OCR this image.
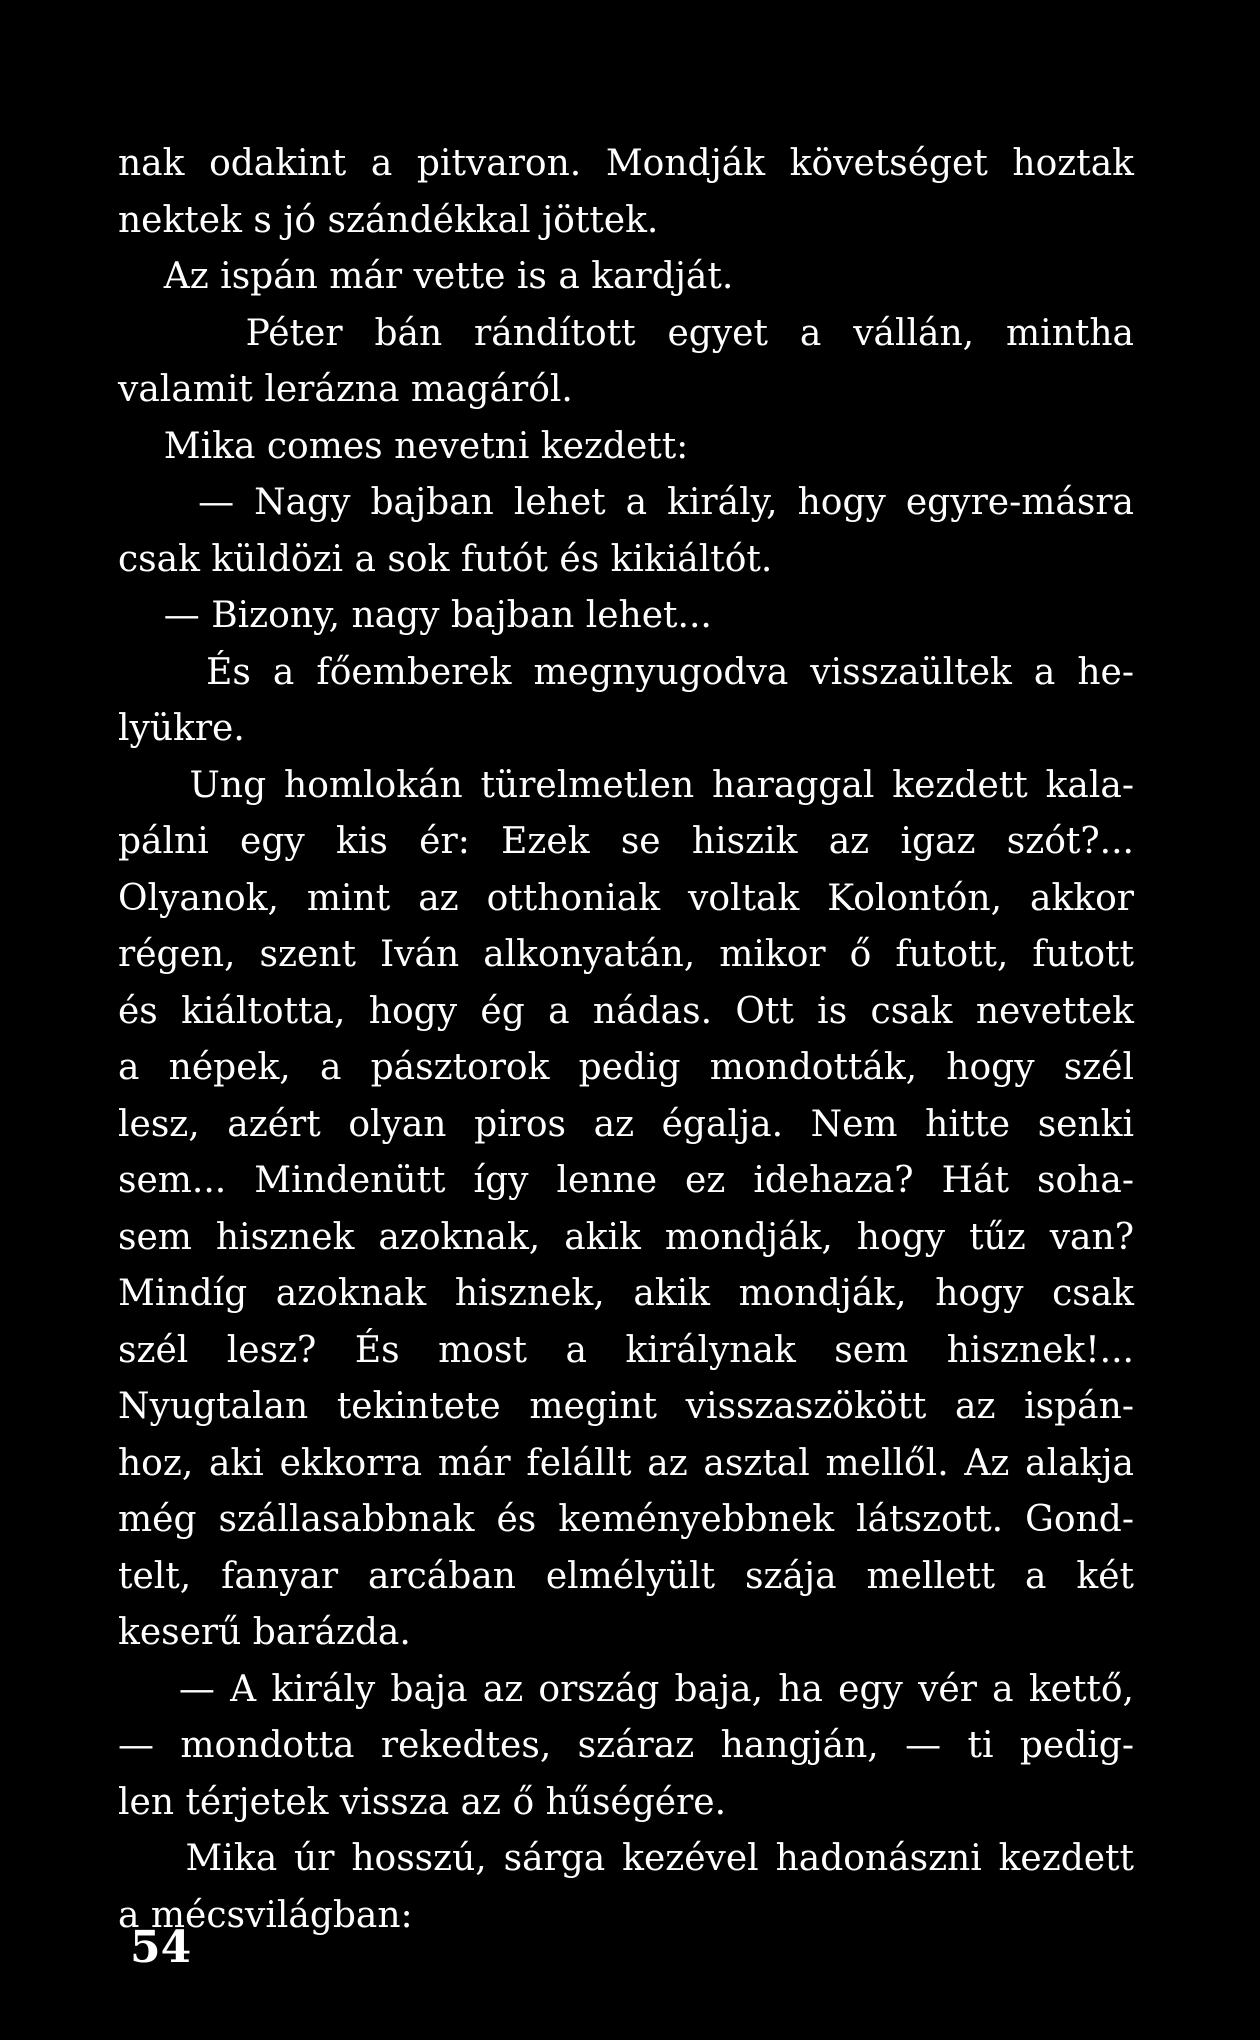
nak odakint a pitvaron. Mondják követséget hoztak
nektek s jó szándékkal jöttek.
Az ispán már vette is a kardját.
Péter bán rándított egyet a vállán, mintha
valamit lerázna magáról.
Mika comes nevetni kezdett:
— Nagy bajban lehet a király, hogy egyre-másra
csak küldözi a sok futót és kikiáltót.
— Bizony, nagy bajban lehet...
És a főemberek megnyugodva visszaültek a he-
lyükre.
Ung homlokán türelmetlen haraggal kezdett kala-
pálni egy kis ér: Ezek se hiszik az igaz szót?...
Olyanok, mint az otthoniak voltak Kolontón, akkor
régen, szent Iván alkonyatán, mikor ő futott, futott
és kiáltotta, hogy ég a nádas. Ott is csak nevettek
a népek, a pásztorok pedig mondották, hogy szél
lesz, azért olyan piros az égalja. Nem hitte senki
sem... Mindenütt így lenne ez idehaza? Hát soha-
sem hisznek azoknak, akik mondják, hogy tűz van?
Mindíg azoknak hisznek, akik mondják, hogy csak
szél lesz? És most a királynak sem hisznek!...
Nyugtalan tekintete megint visszaszökött az ispán-
hoz, aki ekkorra már felállt az asztal mellől. Az alakja
még szállasabbnak és keményebbnek látszott. Gond-
telt, fanyar arcában elmélyült szája mellett a két
keserű barázda.
— A király baja az ország baja, ha egy vér a kettő,
— mondotta rekedtes, száraz hangján, — ti pedig-
len térjetek vissza az ő hűségére.
Mika úr hosszú, sárga kezével hadonászni kezdett
a mécsvilágban:
54
